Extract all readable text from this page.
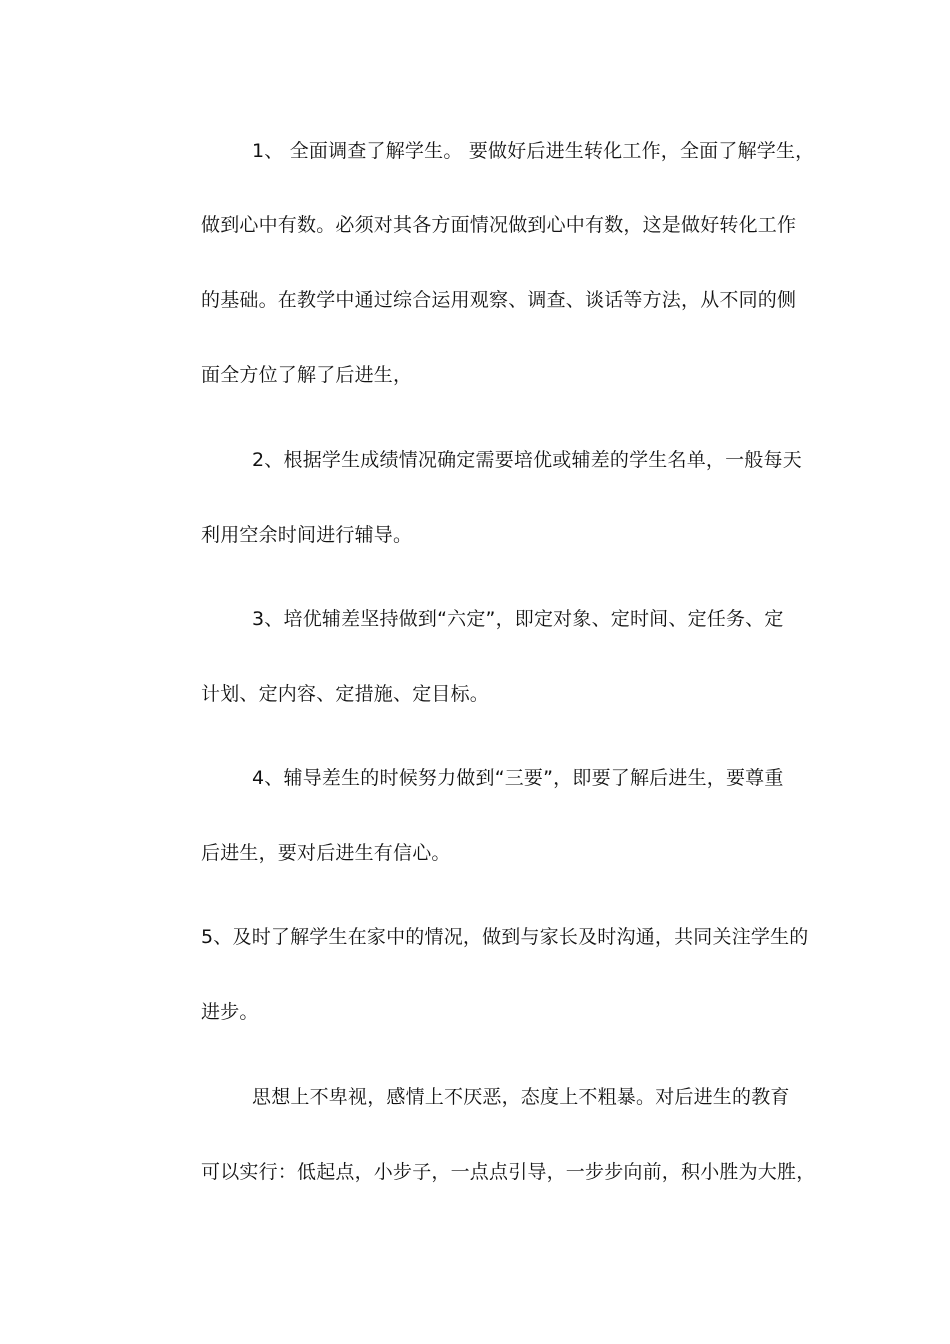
1、 全面调查了解学生。 要做好后进生转化工作，全面了解学生，
做到心中有数。必须对其各方面情况做到心中有数，这是做好转化工作
的基础。在教学中通过综合运用观察、调查、谈话等方法，从不同的侧
面全方位了解了后进生，
2、根据学生成绩情况确定需要培优或辅差的学生名单，一般每天
利用空余时间进行辅导。
3、培优辅差坚持做到“六定”，即定对象、定时间、定任务、定
计划、定内容、定措施、定目标。
4、辅导差生的时候努力做到“三要”，即要了解后进生，要尊重
后进生，要对后进生有信心。
5、及时了解学生在家中的情况，做到与家长及时沟通，共同关注学生的
进步。
思想上不卑视，感情上不厌恶，态度上不粗暴。对后进生的教育
可以实行：低起点，小步子，一点点引导，一步步向前，积小胜为大胜，
